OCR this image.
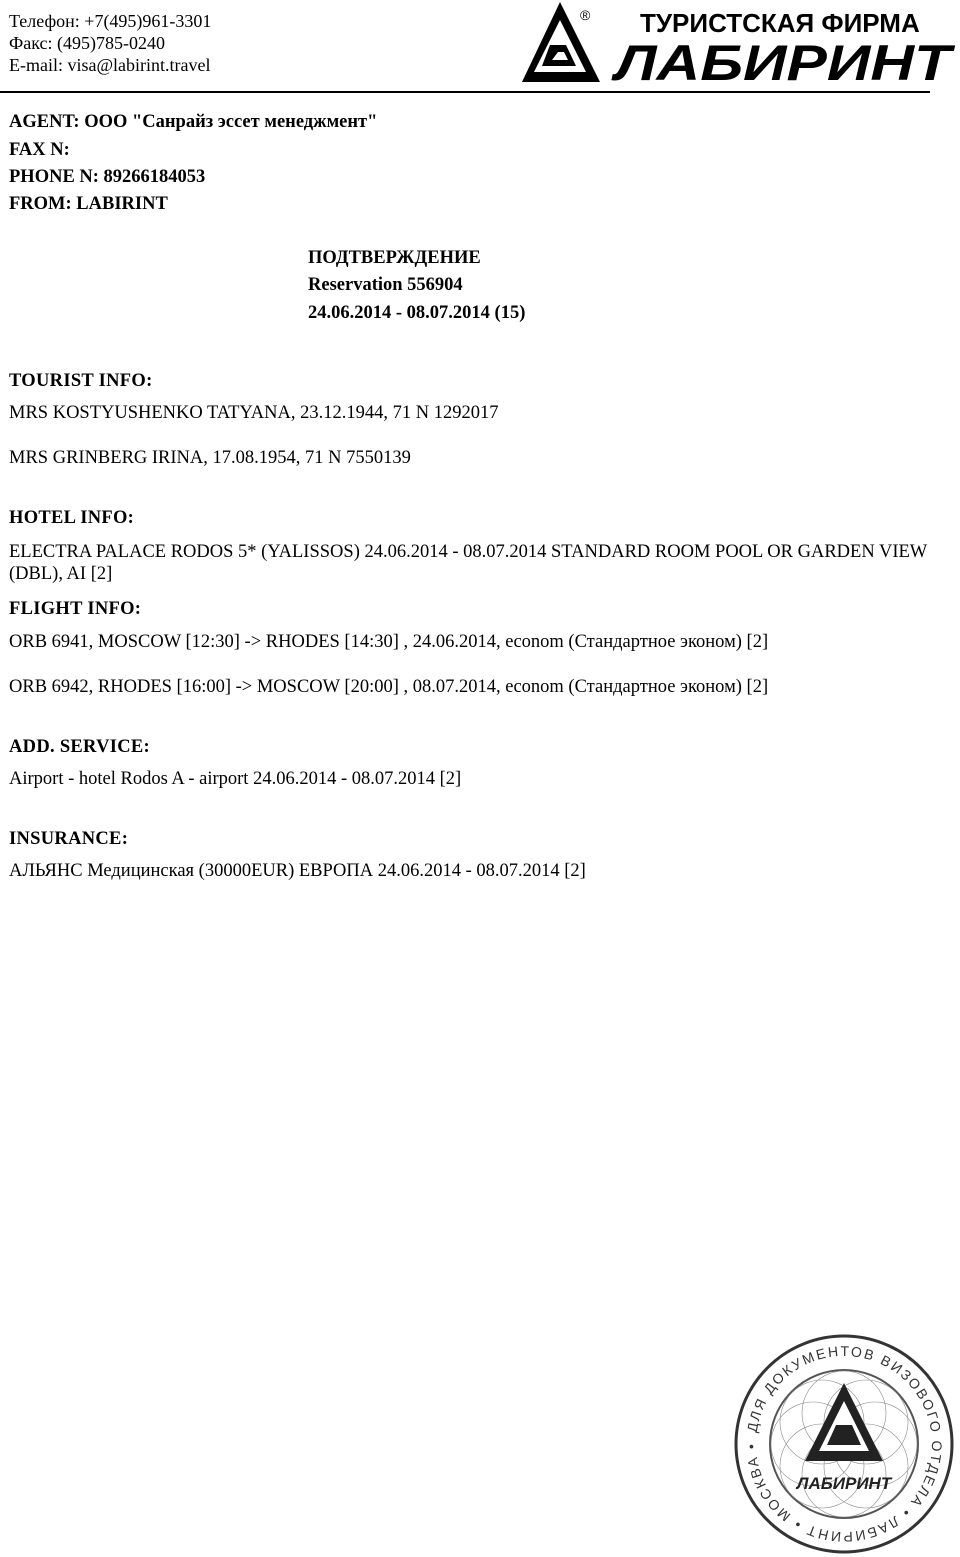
Телефон: +7(495)961-3301
Факс: (495)785-0240
E-mail: visa@labirint.travel
® ТУРИСТСКАЯ ФИРМА
ЛАБИРИНТ
AGENT: ООО "Санрайз эссет менеджмент"
FAX N:
PHONE N: 89266184053
FROM: LABIRINT
ПОДТВЕРЖДЕНИЕ
Reservation 556904
24.06.2014 - 08.07.2014 (15)
TOURIST INFO:
MRS KOSTYUSHENKO TATYANA, 23.12.1944, 71 N 1292017
MRS GRINBERG IRINA, 17.08.1954, 71 N 7550139
HOTEL INFO:
ELECTRA PALACE RODOS 5* (YALISSOS) 24.06.2014 - 08.07.2014 STANDARD ROOM POOL OR GARDEN VIEW (DBL), AI [2]
FLIGHT INFO:
ORB 6941, MOSCOW [12:30] -> RHODES [14:30] , 24.06.2014, econom (Стандартное эконом) [2]
ORB 6942, RHODES [16:00] -> MOSCOW [20:00] , 08.07.2014, econom (Стандартное эконом) [2]
ADD. SERVICE:
Airport - hotel Rodos A - airport 24.06.2014 - 08.07.2014 [2]
INSURANCE:
АЛЬЯНС Медицинская (30000EUR) ЕВРОПА 24.06.2014 - 08.07.2014 [2]
ДЛЯ ДОКУМЕНТОВ ВИЗОВОГО ОТДЕЛА • ЛАБИРИНТ • МОСКВА •
ЛАБИРИНТ
